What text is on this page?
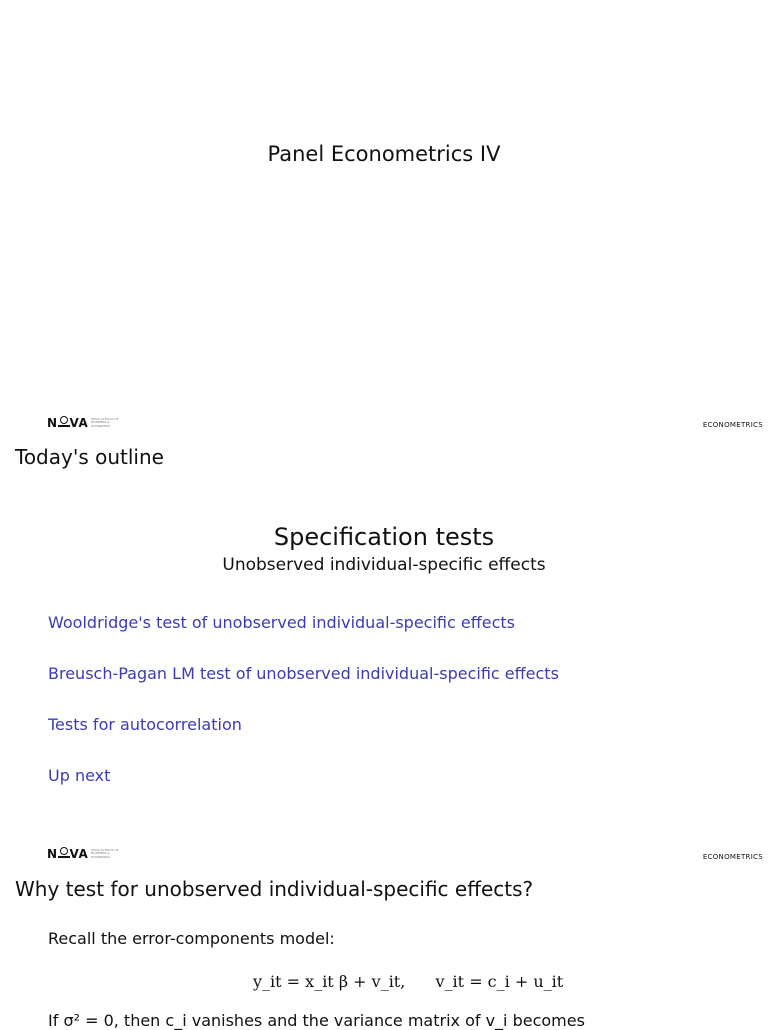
Panel Econometrics IV
N VA NOVA SCHOOL OF BUSINESS & ECONOMICS	ECONOMETRICS
Today's outline
Specification tests
Unobserved individual-specific effects
Wooldridge's test of unobserved individual-specific effects
Breusch-Pagan LM test of unobserved individual-specific effects
Tests for autocorrelation
Up next
N VA NOVA SCHOOL OF BUSINESS & ECONOMICS	ECONOMETRICS
Why test for unobserved individual-specific effects?
Recall the error-components model:
y_it = x_it β + v_it, v_it = c_i + u_it
If σ² = 0, then c_i vanishes and the variance matrix of v_i becomes
